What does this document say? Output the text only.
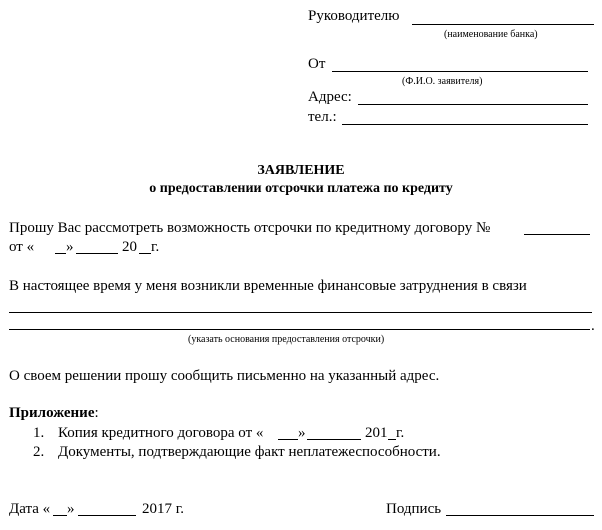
Руководителю
(наименование банка)
От
(Ф.И.О. заявителя)
Адрес:
тел.:
ЗАЯВЛЕНИЕ
о предоставлении отсрочки платежа по кредиту
Прошу Вас рассмотреть возможность отсрочки по кредитному договору №
от « »	20 г.
В настоящее время у меня возникли временные финансовые затруднения в связи
.
(указать основания предоставления отсрочки)
О своем решении прошу сообщить письменно на указанный адрес.
Приложение:
1. Копия кредитного договора от « »	201 г.
2. Документы, подтверждающие факт неплатежеспособности.
Дата « »	2017 г.	Подпись
